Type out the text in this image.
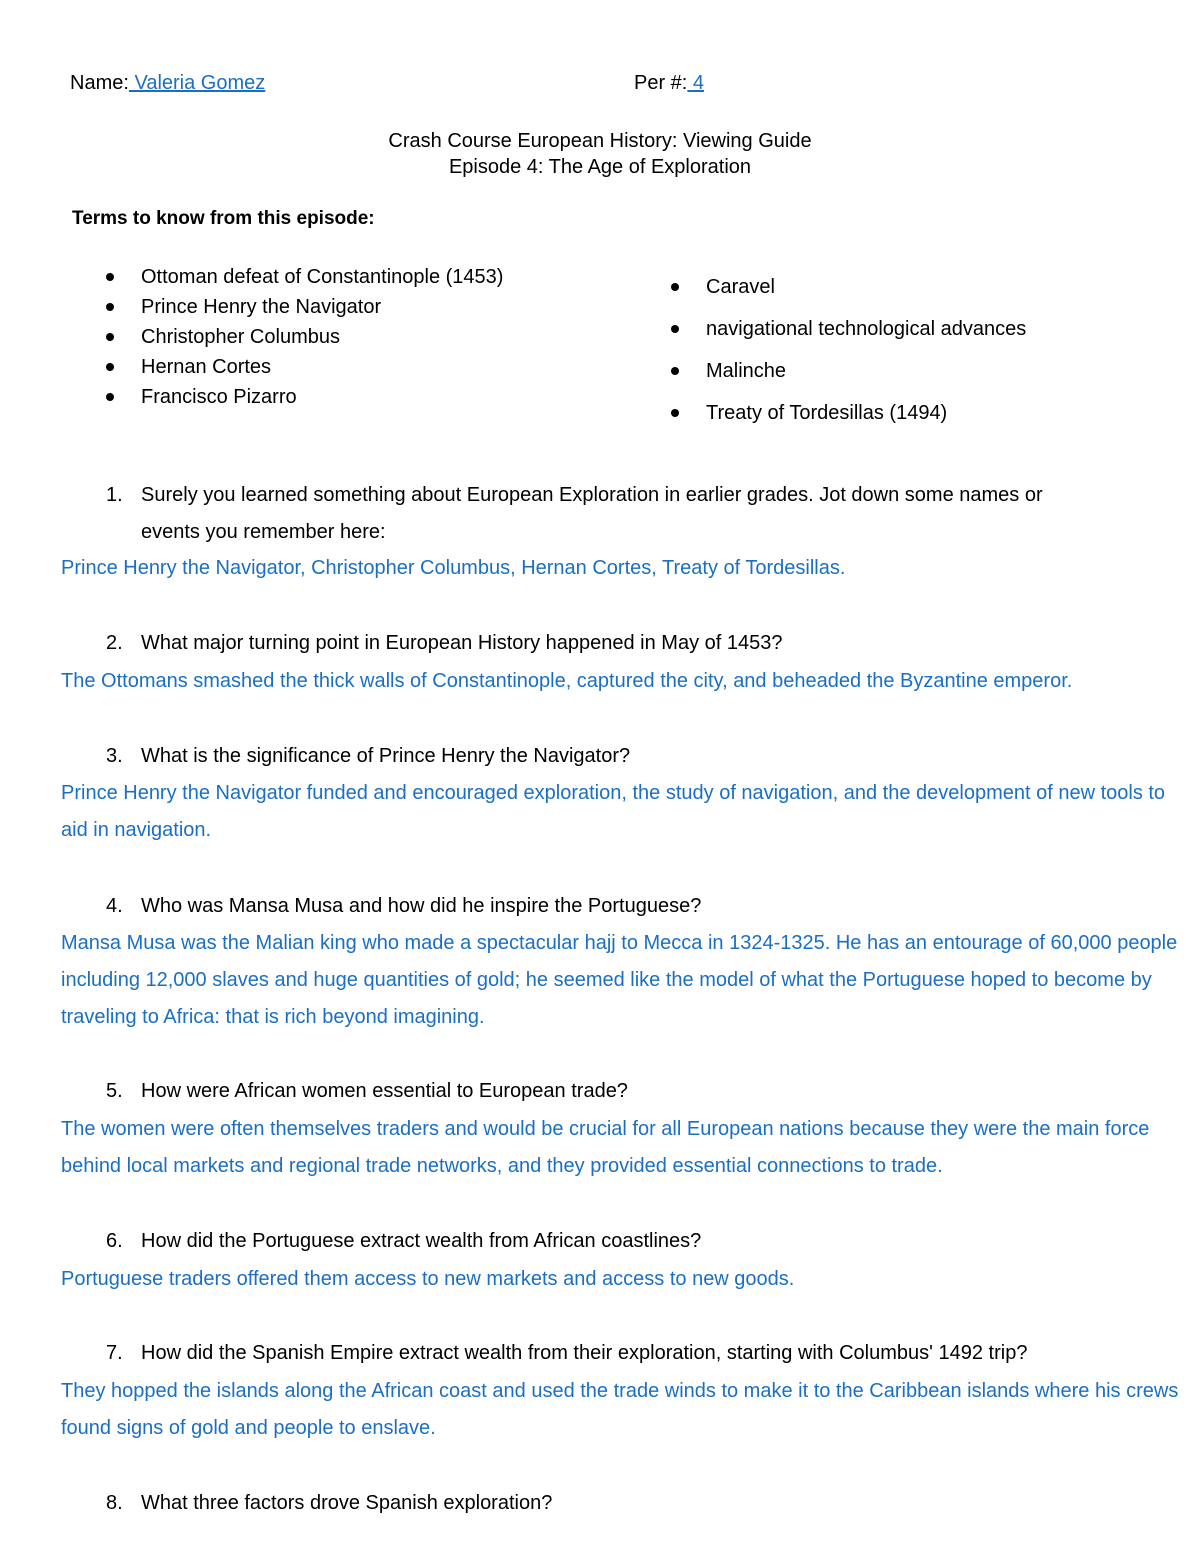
Name: Valeria Gomez	Per #: 4
Crash Course European History: Viewing Guide
Episode 4: The Age of Exploration
Terms to know from this episode:
Ottoman defeat of Constantinople (1453)
Prince Henry the Navigator
Christopher Columbus
Hernan Cortes
Francisco Pizarro
Caravel
navigational technological advances
Malinche
Treaty of Tordesillas (1494)
1. Surely you learned something about European Exploration in earlier grades. Jot down some names or events you remember here:
Prince Henry the Navigator, Christopher Columbus, Hernan Cortes, Treaty of Tordesillas.
2. What major turning point in European History happened in May of 1453?
The Ottomans smashed the thick walls of Constantinople, captured the city, and beheaded the Byzantine emperor.
3. What is the significance of Prince Henry the Navigator?
Prince Henry the Navigator funded and encouraged exploration, the study of navigation, and the development of new tools to aid in navigation.
4. Who was Mansa Musa and how did he inspire the Portuguese?
Mansa Musa was the Malian king who made a spectacular hajj to Mecca in 1324-1325. He has an entourage of 60,000 people including 12,000 slaves and huge quantities of gold; he seemed like the model of what the Portuguese hoped to become by traveling to Africa: that is rich beyond imagining.
5. How were African women essential to European trade?
The women were often themselves traders and would be crucial for all European nations because they were the main force behind local markets and regional trade networks, and they provided essential connections to trade.
6. How did the Portuguese extract wealth from African coastlines?
Portuguese traders offered them access to new markets and access to new goods.
7. How did the Spanish Empire extract wealth from their exploration, starting with Columbus' 1492 trip?
They hopped the islands along the African coast and used the trade winds to make it to the Caribbean islands where his crews found signs of gold and people to enslave.
8. What three factors drove Spanish exploration?
